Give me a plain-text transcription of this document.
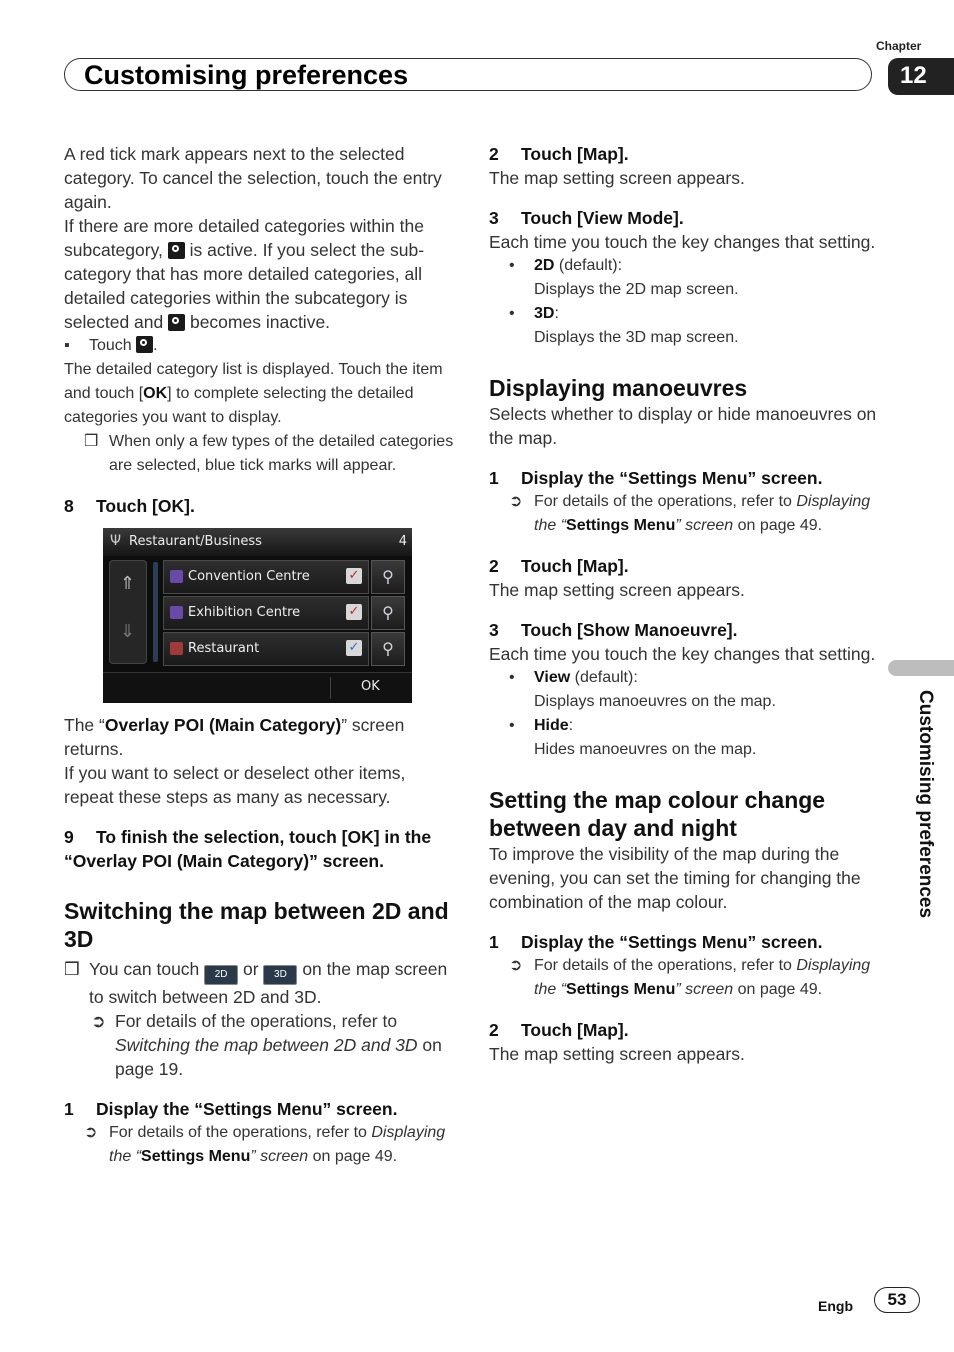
Chapter
Customising preferences	12
Customising preferences

A red tick mark appears next to the selected category. To cancel the selection, touch the entry again.

If there are more detailed categories within the subcategory,  is active. If you select the sub-category that has more detailed categories, all detailed categories within the subcategory is selected and  becomes inactive.

▪ Touch .

The detailed category list is displayed. Touch the item and touch [OK] to complete selecting the detailed categories you want to display.

❒ When only a few types of the detailed categories are selected, blue tick marks will appear.

8 Touch [OK].

Ψ Restaurant/Business	4
⇑
⇓
Convention Centre	✓	⚲
Exhibition Centre	✓	⚲
Restaurant	✓	⚲
OK

The “Overlay POI (Main Category)” screen returns.

If you want to select or deselect other items, repeat these steps as many as necessary.

9 To finish the selection, touch [OK] in the “Overlay POI (Main Category)” screen.

Switching the map between 2D and 3D

❒ You can touch 2D or 3D on the map screen to switch between 2D and 3D.

➲ For details of the operations, refer to Switching the map between 2D and 3D on page 19.

1 Display the “Settings Menu” screen.

➲ For details of the operations, refer to Displaying the “Settings Menu” screen on page 49.

2 Touch [Map].

The map setting screen appears.

3 Touch [View Mode].

Each time you touch the key changes that setting.

• 2D (default):

Displays the 2D map screen.

• 3D:

Displays the 3D map screen.

Displaying manoeuvres

Selects whether to display or hide manoeuvres on the map.

1 Display the “Settings Menu” screen.

➲ For details of the operations, refer to Displaying the “Settings Menu” screen on page 49.

2 Touch [Map].

The map setting screen appears.

3 Touch [Show Manoeuvre].

Each time you touch the key changes that setting.

• View (default):

Displays manoeuvres on the map.

• Hide:

Hides manoeuvres on the map.

Setting the map colour change between day and night

To improve the visibility of the map during the evening, you can set the timing for changing the combination of the map colour.

1 Display the “Settings Menu” screen.

➲ For details of the operations, refer to Displaying the “Settings Menu” screen on page 49.

2 Touch [Map].

The map setting screen appears.

Engb	53
